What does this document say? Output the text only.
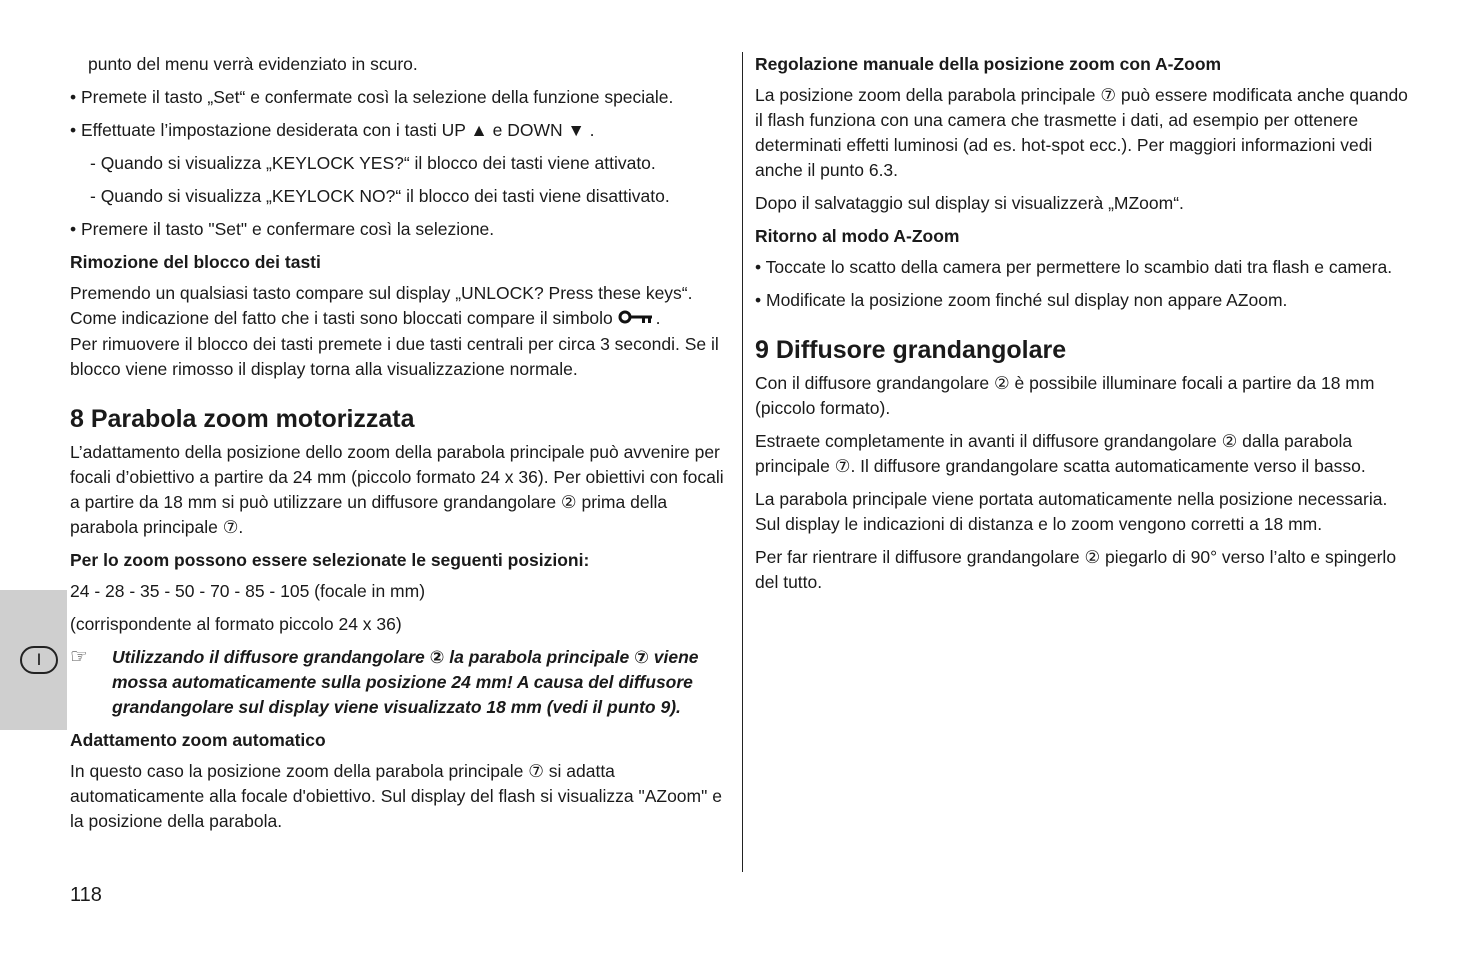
punto del menu verrà evidenziato in scuro.

• Premete il tasto „Set“ e confermate così la selezione della funzione speciale.

• Effettuate l’impostazione desiderata con i tasti UP ▲ e DOWN ▼ .

- Quando si visualizza „KEYLOCK YES?“ il blocco dei tasti viene attivato.

- Quando si visualizza „KEYLOCK NO?“ il blocco dei tasti viene disattivato.

• Premere il tasto "Set" e confermare così la selezione.

Rimozione del blocco dei tasti

Premendo un qualsiasi tasto compare sul display „UNLOCK? Press these keys“. Come indicazione del fatto che i tasti sono bloccati compare il simbolo .

Per rimuovere il blocco dei tasti premete i due tasti centrali per circa 3 secondi. Se il blocco viene rimosso il display torna alla visualizzazione normale.

8 Parabola zoom motorizzata

L’adattamento della posizione dello zoom della parabola principale può avvenire per focali d’obiettivo a partire da 24 mm (piccolo formato 24 x 36). Per obiettivi con focali a partire da 18 mm si può utilizzare un diffusore grandangolare ② prima della parabola principale ⑦.

Per lo zoom possono essere selezionate le seguenti posizioni:

24 - 28 - 35 - 50 - 70 - 85 - 105 (focale in mm)

(corrispondente al formato piccolo 24 x 36)

☞ Utilizzando il diffusore grandangolare ② la parabola principale ⑦ viene mossa automaticamente sulla posizione 24 mm! A causa del diffusore grandangolare sul display viene visualizzato 18 mm (vedi il punto 9).

Adattamento zoom automatico

In questo caso la posizione zoom della parabola principale ⑦ si adatta automaticamente alla focale d'obiettivo. Sul display del flash si visualizza "AZoom" e la posizione della parabola.

Regolazione manuale della posizione zoom con A-Zoom

La posizione zoom della parabola principale ⑦ può essere modificata anche quando il flash funziona con una camera che trasmette i dati, ad esempio per ottenere determinati effetti luminosi (ad es. hot-spot ecc.). Per maggiori informazioni vedi anche il punto 6.3.

Dopo il salvataggio sul display si visualizzerà „MZoom“.

Ritorno al modo A-Zoom

• Toccate lo scatto della camera per permettere lo scambio dati tra flash e camera.

• Modificate la posizione zoom finché sul display non appare AZoom.

9 Diffusore grandangolare

Con il diffusore grandangolare ② è possibile illuminare focali a partire da 18 mm (piccolo formato).

Estraete completamente in avanti il diffusore grandangolare ② dalla parabola principale ⑦. Il diffusore grandangolare scatta automaticamente verso il basso.

La parabola principale viene portata automaticamente nella posizione necessaria. Sul display le indicazioni di distanza e lo zoom vengono corretti a 18 mm.

Per far rientrare il diffusore grandangolare ② piegarlo di 90° verso l’alto e spingerlo del tutto.

I
118
